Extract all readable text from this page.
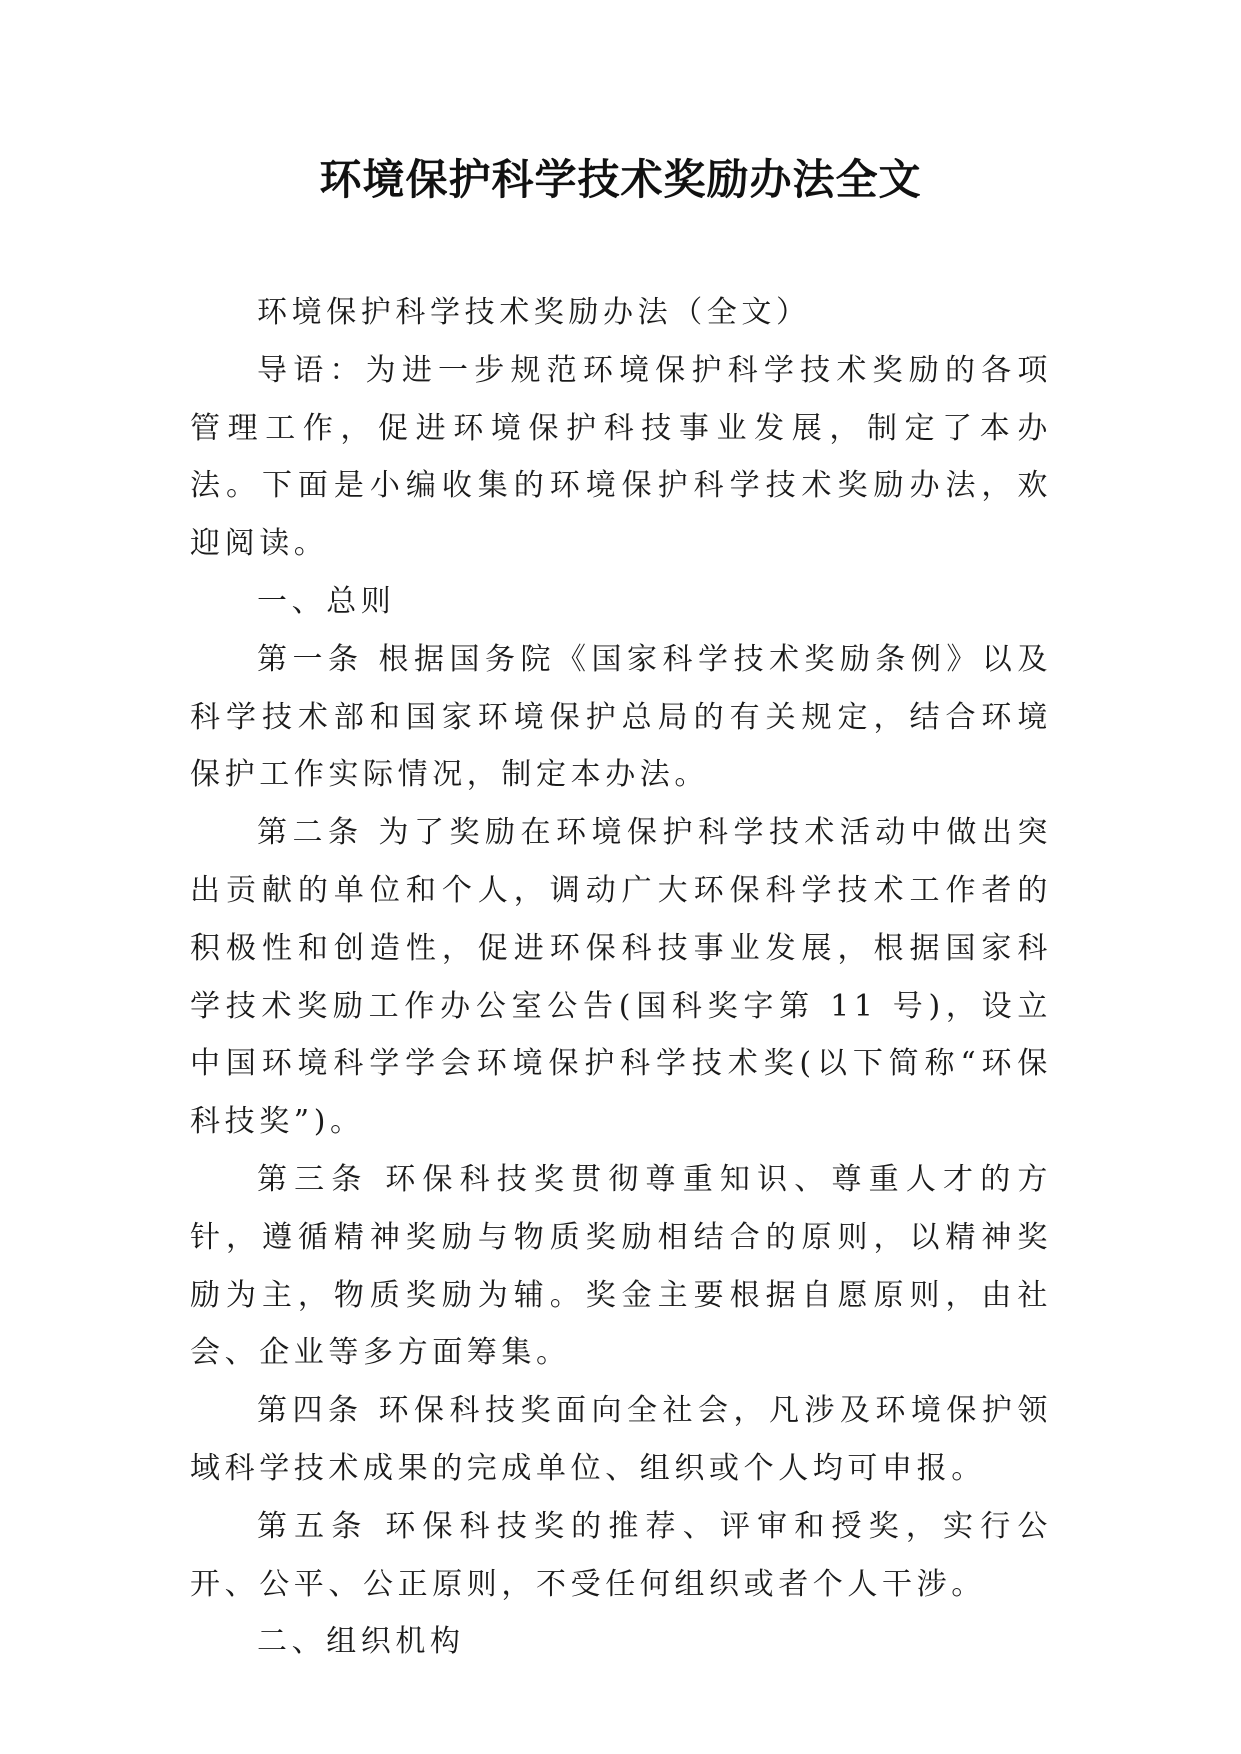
环境保护科学技术奖励办法全文

环境保护科学技术奖励办法（全文）

导语：为进一步规范环境保护科学技术奖励的各项管理工作，促进环境保护科技事业发展，制定了本办法。下面是小编收集的环境保护科学技术奖励办法，欢迎阅读。

一、总则

第一条 根据国务院《国家科学技术奖励条例》以及科学技术部和国家环境保护总局的有关规定，结合环境保护工作实际情况，制定本办法。

第二条 为了奖励在环境保护科学技术活动中做出突出贡献的单位和个人，调动广大环保科学技术工作者的积极性和创造性，促进环保科技事业发展，根据国家科学技术奖励工作办公室公告(国科奖字第 11 号)，设立中国环境科学学会环境保护科学技术奖(以下简称“环保科技奖”)。

第三条 环保科技奖贯彻尊重知识、尊重人才的方针，遵循精神奖励与物质奖励相结合的原则，以精神奖励为主，物质奖励为辅。奖金主要根据自愿原则，由社会、企业等多方面筹集。

第四条 环保科技奖面向全社会，凡涉及环境保护领域科学技术成果的完成单位、组织或个人均可申报。

第五条 环保科技奖的推荐、评审和授奖，实行公开、公平、公正原则，不受任何组织或者个人干涉。

二、组织机构
